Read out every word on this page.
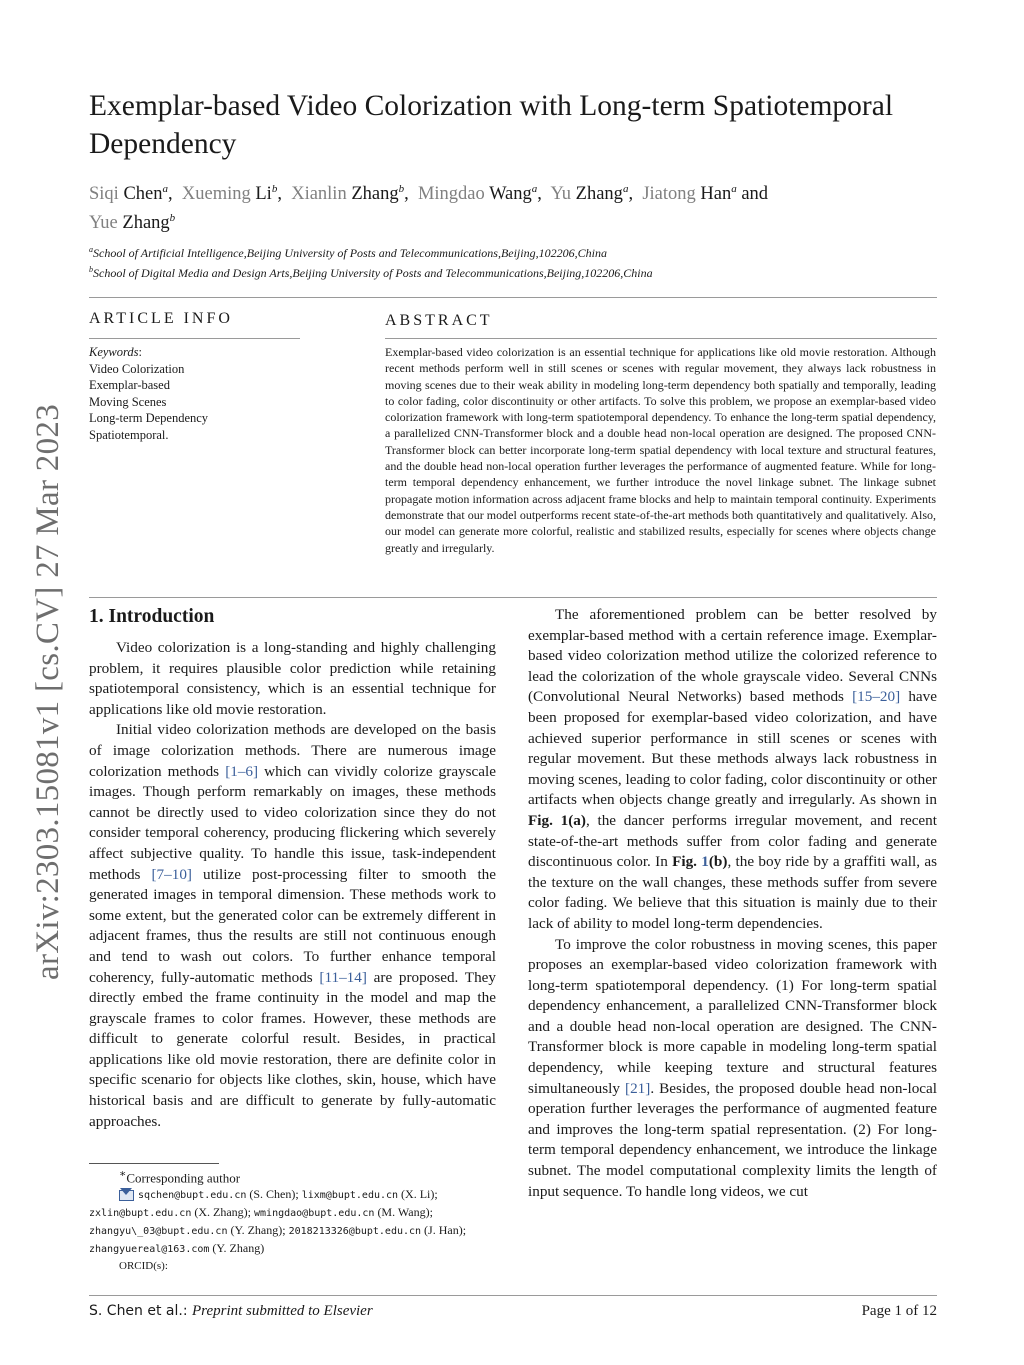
arXiv:2303.15081v1 [cs.CV] 27 Mar 2023
Exemplar-based Video Colorization with Long-term Spatiotemporal Dependency
Siqi Chen$^a$, Xueming Li$^b$, Xianlin Zhang$^b$, Mingdao Wang$^a$, Yu Zhang$^a$, Jiatong Han$^a$ and
Yue Zhang$^b$
$^a$School of Artificial Intelligence,Beijing University of Posts and Telecommunications,Beijing,102206,China
$^b$School of Digital Media and Design Arts,Beijing University of Posts and Telecommunications,Beijing,102206,China
ARTICLE INFO
Keywords:
Video Colorization
Exemplar-based
Moving Scenes
Long-term Dependency
Spatiotemporal.
ABSTRACT
Exemplar-based video colorization is an essential technique for applications like old movie restoration. Although recent methods perform well in still scenes or scenes with regular movement, they always lack robustness in moving scenes due to their weak ability in modeling long-term dependency both spatially and temporally, leading to color fading, color discontinuity or other artifacts. To solve this problem, we propose an exemplar-based video colorization framework with long-term spatiotemporal dependency. To enhance the long-term spatial dependency, a parallelized CNN-Transformer block and a double head non-local operation are designed. The proposed CNN-Transformer block can better incorporate long-term spatial dependency with local texture and structural features, and the double head non-local operation further leverages the performance of augmented feature. While for long-term temporal dependency enhancement, we further introduce the novel linkage subnet. The linkage subnet propagate motion information across adjacent frame blocks and help to maintain temporal continuity. Experiments demonstrate that our model outperforms recent state-of-the-art methods both quantitatively and qualitatively. Also, our model can generate more colorful, realistic and stabilized results, especially for scenes where objects change greatly and irregularly.
1. Introduction

Video colorization is a long-standing and highly challenging problem, it requires plausible color prediction while retaining spatiotemporal consistency, which is an essential technique for applications like old movie restoration.

Initial video colorization methods are developed on the basis of image colorization methods. There are numerous image colorization methods [1–6] which can vividly colorize grayscale images. Though perform remarkably on images, these methods cannot be directly used to video colorization since they do not consider temporal coherency, producing flickering which severely affect subjective quality. To handle this issue, task-independent methods [7–10] utilize post-processing filter to smooth the generated images in temporal dimension. These methods work to some extent, but the generated color can be extremely different in adjacent frames, thus the results are still not continuous enough and tend to wash out colors. To further enhance temporal coherency, fully-automatic methods [11–14] are proposed. They directly embed the frame continuity in the model and map the grayscale frames to color frames. However, these methods are difficult to generate colorful result. Besides, in practical applications like old movie restoration, there are definite color in specific scenario for objects like clothes, skin, house, which have historical basis and are difficult to generate by fully-automatic approaches.

The aforementioned problem can be better resolved by exemplar-based method with a certain reference image. Exemplar-based video colorization method utilize the colorized reference to lead the colorization of the whole grayscale video. Several CNNs (Convolutional Neural Networks) based methods [15–20] have been proposed for exemplar-based video colorization, and have achieved superior performance in still scenes or scenes with regular movement. But these methods always lack robustness in moving scenes, leading to color fading, color discontinuity or other artifacts when objects change greatly and irregularly. As shown in Fig. 1(a), the dancer performs irregular movement, and recent state-of-the-art methods suffer from color fading and generate discontinuous color. In Fig. 1(b), the boy ride by a graffiti wall, as the texture on the wall changes, these methods suffer from severe color fading. We believe that this situation is mainly due to their lack of ability to model long-term dependencies.

To improve the color robustness in moving scenes, this paper proposes an exemplar-based video colorization framework with long-term spatiotemporal dependency. (1) For long-term spatial dependency enhancement, a parallelized CNN-Transformer block and a double head non-local operation are designed. The CNN-Transformer block is more capable in modeling long-term spatial dependency, while keeping texture and structural features simultaneously [21]. Besides, the proposed double head non-local operation further leverages the performance of augmented feature and improves the long-term spatial representation. (2) For long-term temporal dependency enhancement, we introduce the linkage subnet. The model computational complexity limits the length of input sequence. To handle long videos, we cut

∗Corresponding author
sqchen@bupt.edu.cn (S. Chen); lixm@bupt.edu.cn (X. Li);
zxlin@bupt.edu.cn (X. Zhang); wmingdao@bupt.edu.cn (M. Wang);
zhangyu\_03@bupt.edu.cn (Y. Zhang); 2018213326@bupt.edu.cn (J. Han);
zhangyuereal@163.com (Y. Zhang)
ORCID(s):
S. Chen et al.: Preprint submitted to Elsevier	Page 1 of 12
